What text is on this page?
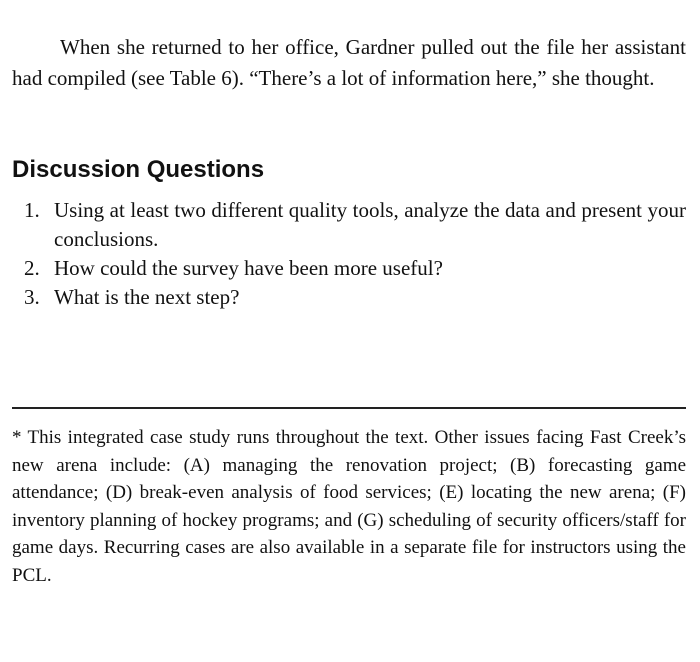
When she returned to her office, Gardner pulled out the file her assistant had compiled (see Table 6). “There’s a lot of information here,” she thought.

Discussion Questions
1. Using at least two different quality tools, analyze the data and present your conclusions.
2. How could the survey have been more useful?
3. What is the next step?

* This integrated case study runs throughout the text. Other issues facing Fast Creek’s new arena include: (A) managing the renovation project; (B) forecasting game attendance; (D) break-even analysis of food services; (E) locating the new arena; (F) inventory planning of hockey programs; and (G) scheduling of security officers/staff for game days. Recurring cases are also available in a separate file for instructors using the PCL.
